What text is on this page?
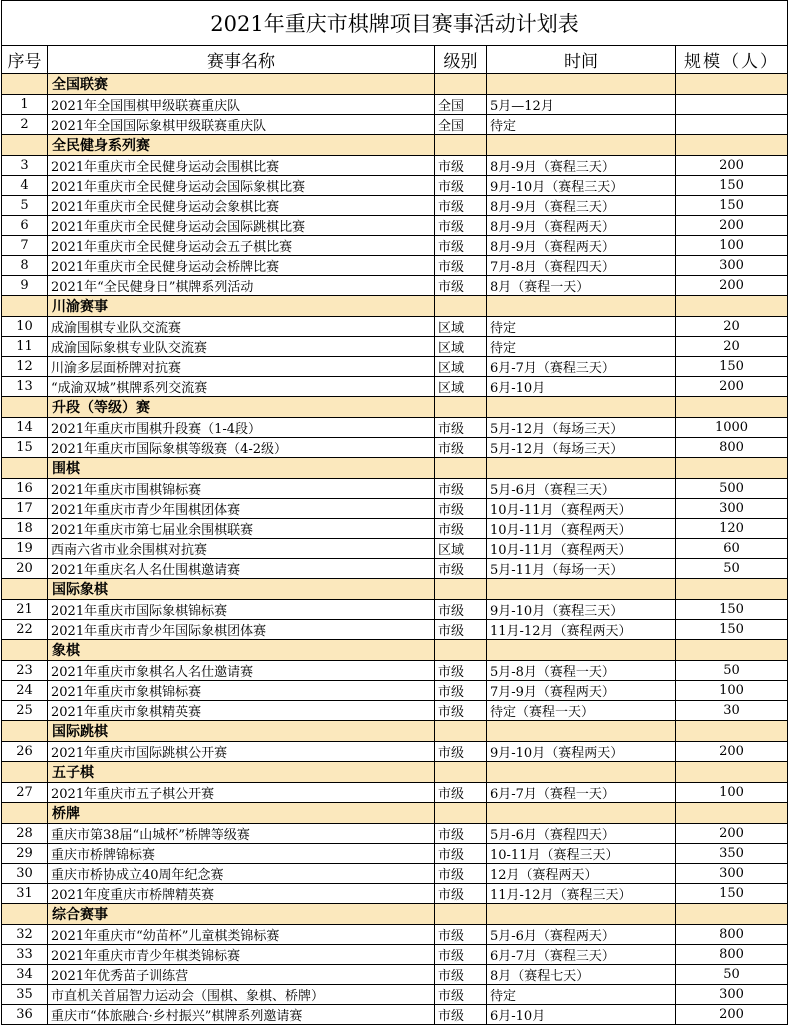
2021年重庆市棋牌项目赛事活动计划表				
序号	赛事名称	级别	时间	规模（人）
	全国联赛			
1	2021年全国围棋甲级联赛重庆队	全国	5月—12月	
2	2021年全国国际象棋甲级联赛重庆队	全国	待定	
	全民健身系列赛			
3	2021年重庆市全民健身运动会围棋比赛	市级	8月-9月（赛程三天）	200
4	2021年重庆市全民健身运动会国际象棋比赛	市级	9月-10月（赛程三天）	150
5	2021年重庆市全民健身运动会象棋比赛	市级	8月-9月（赛程三天）	150
6	2021年重庆市全民健身运动会国际跳棋比赛	市级	8月-9月（赛程两天）	200
7	2021年重庆市全民健身运动会五子棋比赛	市级	8月-9月（赛程两天）	100
8	2021年重庆市全民健身运动会桥牌比赛	市级	7月-8月（赛程四天）	300
9	2021年“全民健身日”棋牌系列活动	市级	8月（赛程一天）	200
	川渝赛事			
10	成渝围棋专业队交流赛	区域	待定	20
11	成渝国际象棋专业队交流赛	区域	待定	20
12	川渝多层面桥牌对抗赛	区域	6月-7月（赛程三天）	150
13	“成渝双城”棋牌系列交流赛	区域	6月-10月	200
	升段（等级）赛			
14	2021年重庆市围棋升段赛（1-4段）	市级	5月-12月（每场三天）	1000
15	2021年重庆市国际象棋等级赛（4-2级）	市级	5月-12月（每场三天）	800
	围棋			
16	2021年重庆市围棋锦标赛	市级	5月-6月（赛程三天）	500
17	2021年重庆市青少年围棋团体赛	市级	10月-11月（赛程两天）	300
18	2021年重庆市第七届业余围棋联赛	市级	10月-11月（赛程两天）	120
19	西南六省市业余围棋对抗赛	区域	10月-11月（赛程两天）	60
20	2021年重庆名人名仕围棋邀请赛	市级	5月-11月（每场一天）	50
	国际象棋			
21	2021年重庆市国际象棋锦标赛	市级	9月-10月（赛程三天）	150
22	2021年重庆市青少年国际象棋团体赛	市级	11月-12月（赛程两天）	150
	象棋			
23	2021年重庆市象棋名人名仕邀请赛	市级	5月-8月（赛程一天）	50
24	2021年重庆市象棋锦标赛	市级	7月-9月（赛程两天）	100
25	2021年重庆市象棋精英赛	市级	待定（赛程一天）	30
	国际跳棋			
26	2021年重庆市国际跳棋公开赛	市级	9月-10月（赛程两天）	200
	五子棋			
27	2021年重庆市五子棋公开赛	市级	6月-7月（赛程一天）	100
	桥牌			
28	重庆市第38届“山城杯”桥牌等级赛	市级	5月-6月（赛程四天）	200
29	重庆市桥牌锦标赛	市级	10-11月（赛程三天）	350
30	重庆市桥协成立40周年纪念赛	市级	12月（赛程两天）	300
31	2021年度重庆市桥牌精英赛	市级	11月-12月（赛程三天）	150
	综合赛事			
32	2021年重庆市“幼苗杯”儿童棋类锦标赛	市级	5月-6月（赛程两天）	800
33	2021年重庆市青少年棋类锦标赛	市级	6月-7月（赛程三天）	800
34	2021年优秀苗子训练营	市级	8月（赛程七天）	50
35	市直机关首届智力运动会（围棋、象棋、桥牌）	市级	待定	300
36	重庆市“体旅融合·乡村振兴”棋牌系列邀请赛	市级	6月-10月	200
